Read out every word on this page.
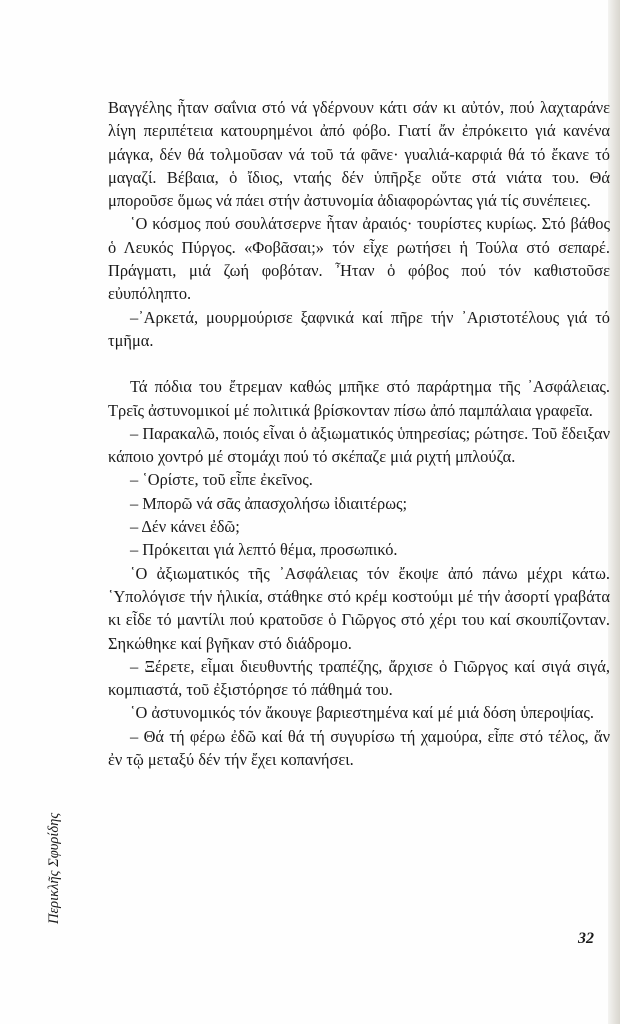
Βαγγέλης ἦταν σαΐνια στό νά γδέρνουν κάτι σάν κι αὐτόν, πού λαχταράνε λίγη περιπέτεια κατουρημένοι ἀπό φόβο. Γιατί ἄν ἐπρόκειτο γιά κανένα μάγκα, δέν θά τολμοῦσαν νά τοῦ τά φᾶνε· γυαλιά-καρφιά θά τό ἔκανε τό μαγαζί. Βέβαια, ὁ ἴδιος, νταής δέν ὑπῆρξε οὔτε στά νιάτα του. Θά μποροῦσε ὅμως νά πάει στήν ἀστυνομία ἀδιαφορώντας γιά τίς συνέπειες.

῾Ο κόσμος πού σουλάτσερνε ἦταν ἀραιός· τουρίστες κυρίως. Στό βάθος ὁ Λευκός Πύργος. «Φοβᾶσαι;» τόν εἶχε ρωτήσει ἡ Τούλα στό σεπαρέ. Πράγματι, μιά ζωή φοβόταν. Ἦταν ὁ φόβος πού τόν καθιστοῦσε εὐυπόληπτο.

–᾿Αρκετά, μουρμούρισε ξαφνικά καί πῆρε τήν ᾿Αριστοτέλους γιά τό τμῆμα.

Τά πόδια του ἔτρεμαν καθώς μπῆκε στό παράρτημα τῆς ᾿Ασφάλειας. Τρεῖς ἀστυνομικοί μέ πολιτικά βρίσκονταν πίσω ἀπό παμπάλαια γραφεῖα.

– Παρακαλῶ, ποιός εἶναι ὁ ἀξιωματικός ὑπηρεσίας; ρώτησε. Τοῦ ἔδειξαν κάποιο χοντρό μέ στομάχι πού τό σκέπαζε μιά ριχτή μπλούζα.

– ῾Ορίστε, τοῦ εἶπε ἐκεῖνος.

– Μπορῶ νά σᾶς ἀπασχολήσω ἰδιαιτέρως;

– Δέν κάνει ἐδῶ;

– Πρόκειται γιά λεπτό θέμα, προσωπικό.

῾Ο ἀξιωματικός τῆς ᾿Ασφάλειας τόν ἔκοψε ἀπό πάνω μέχρι κάτω. ῾Υπολόγισε τήν ἡλικία, στάθηκε στό κρέμ κοστούμι μέ τήν ἀσορτί γραβάτα κι εἶδε τό μαντίλι πού κρατοῦσε ὁ Γιῶργος στό χέρι του καί σκουπίζονταν. Σηκώθηκε καί βγῆκαν στό διάδρομο.

– Ξέρετε, εἶμαι διευθυντής τραπέζης, ἄρχισε ὁ Γιῶργος καί σιγά σιγά, κομπιαστά, τοῦ ἐξιστόρησε τό πάθημά του.

῾Ο ἀστυνομικός τόν ἄκουγε βαριεστημένα καί μέ μιά δόση ὑπεροψίας.

– Θά τή φέρω ἐδῶ καί θά τή συγυρίσω τή χαμούρα, εἶπε στό τέλος, ἄν ἐν τῷ μεταξύ δέν τήν ἔχει κοπανήσει.

Περικλῆς Σφυρίδης
32
